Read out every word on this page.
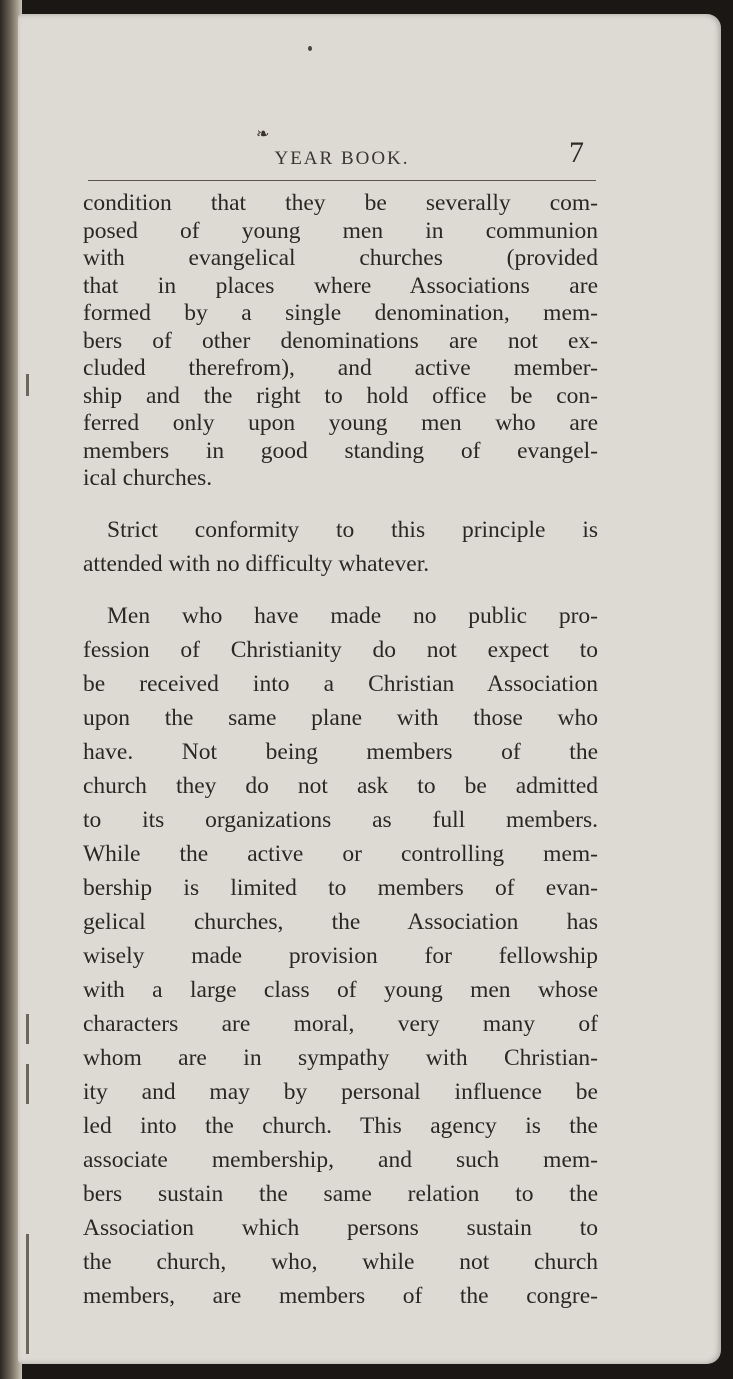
❧
YEAR BOOK.	7
condition that they be severally com-
posed of young men in communion
with evangelical churches (provided
that in places where Associations are
formed by a single denomination, mem-
bers of other denominations are not ex-
cluded therefrom), and active member-
ship and the right to hold office be con-
ferred only upon young men who are
members in good standing of evangel-
ical churches.
Strict conformity to this principle is
attended with no difficulty whatever.
Men who have made no public pro-
fession of Christianity do not expect to
be received into a Christian Association
upon the same plane with those who
have. Not being members of the
church they do not ask to be admitted
to its organizations as full members.
While the active or controlling mem-
bership is limited to members of evan-
gelical churches, the Association has
wisely made provision for fellowship
with a large class of young men whose
characters are moral, very many of
whom are in sympathy with Christian-
ity and may by personal influence be
led into the church. This agency is the
associate membership, and such mem-
bers sustain the same relation to the
Association which persons sustain to
the church, who, while not church
members, are members of the congre-
